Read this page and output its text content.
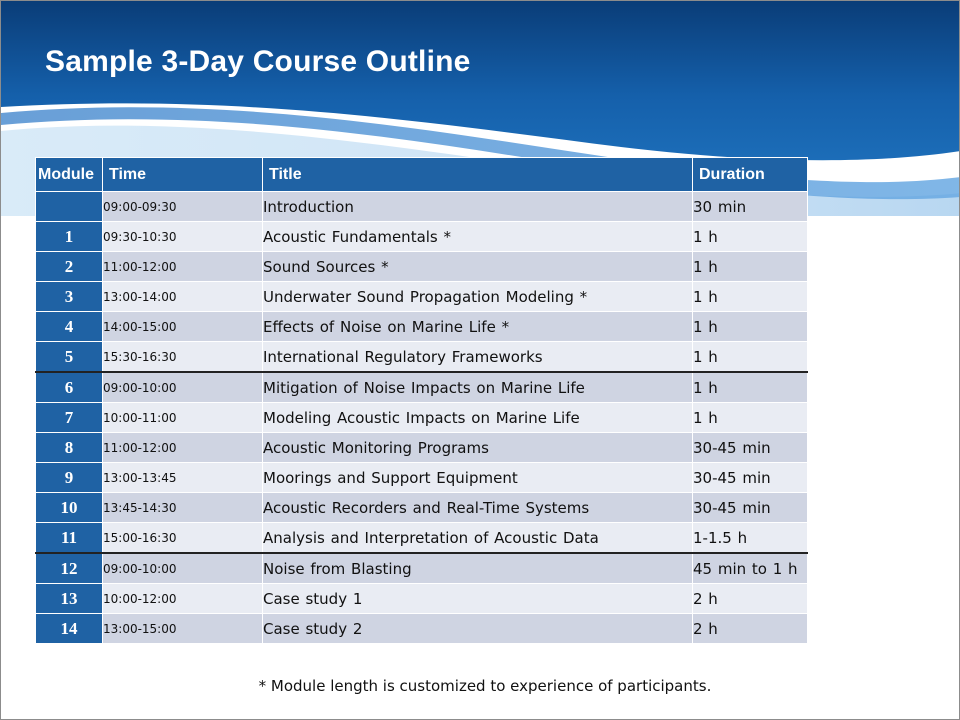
Sample 3-Day Course Outline
Module	Time	Title	Duration
	09:00-09:30	Introduction	30 min
1	09:30-10:30	Acoustic Fundamentals *	1 h
2	11:00-12:00	Sound Sources *	1 h
3	13:00-14:00	Underwater Sound Propagation Modeling *	1 h
4	14:00-15:00	Effects of Noise on Marine Life *	1 h
5	15:30-16:30	International Regulatory Frameworks	1 h
6	09:00-10:00	Mitigation of Noise Impacts on Marine Life	1 h
7	10:00-11:00	Modeling Acoustic Impacts on Marine Life	1 h
8	11:00-12:00	Acoustic Monitoring Programs	30-45 min
9	13:00-13:45	Moorings and Support Equipment	30-45 min
10	13:45-14:30	Acoustic Recorders and Real-Time Systems	30-45 min
11	15:00-16:30	Analysis and Interpretation of Acoustic Data	1-1.5 h
12	09:00-10:00	Noise from Blasting	45 min to 1 h
13	10:00-12:00	Case study 1	2 h
14	13:00-15:00	Case study 2	2 h
* Module length is customized to experience of participants.
